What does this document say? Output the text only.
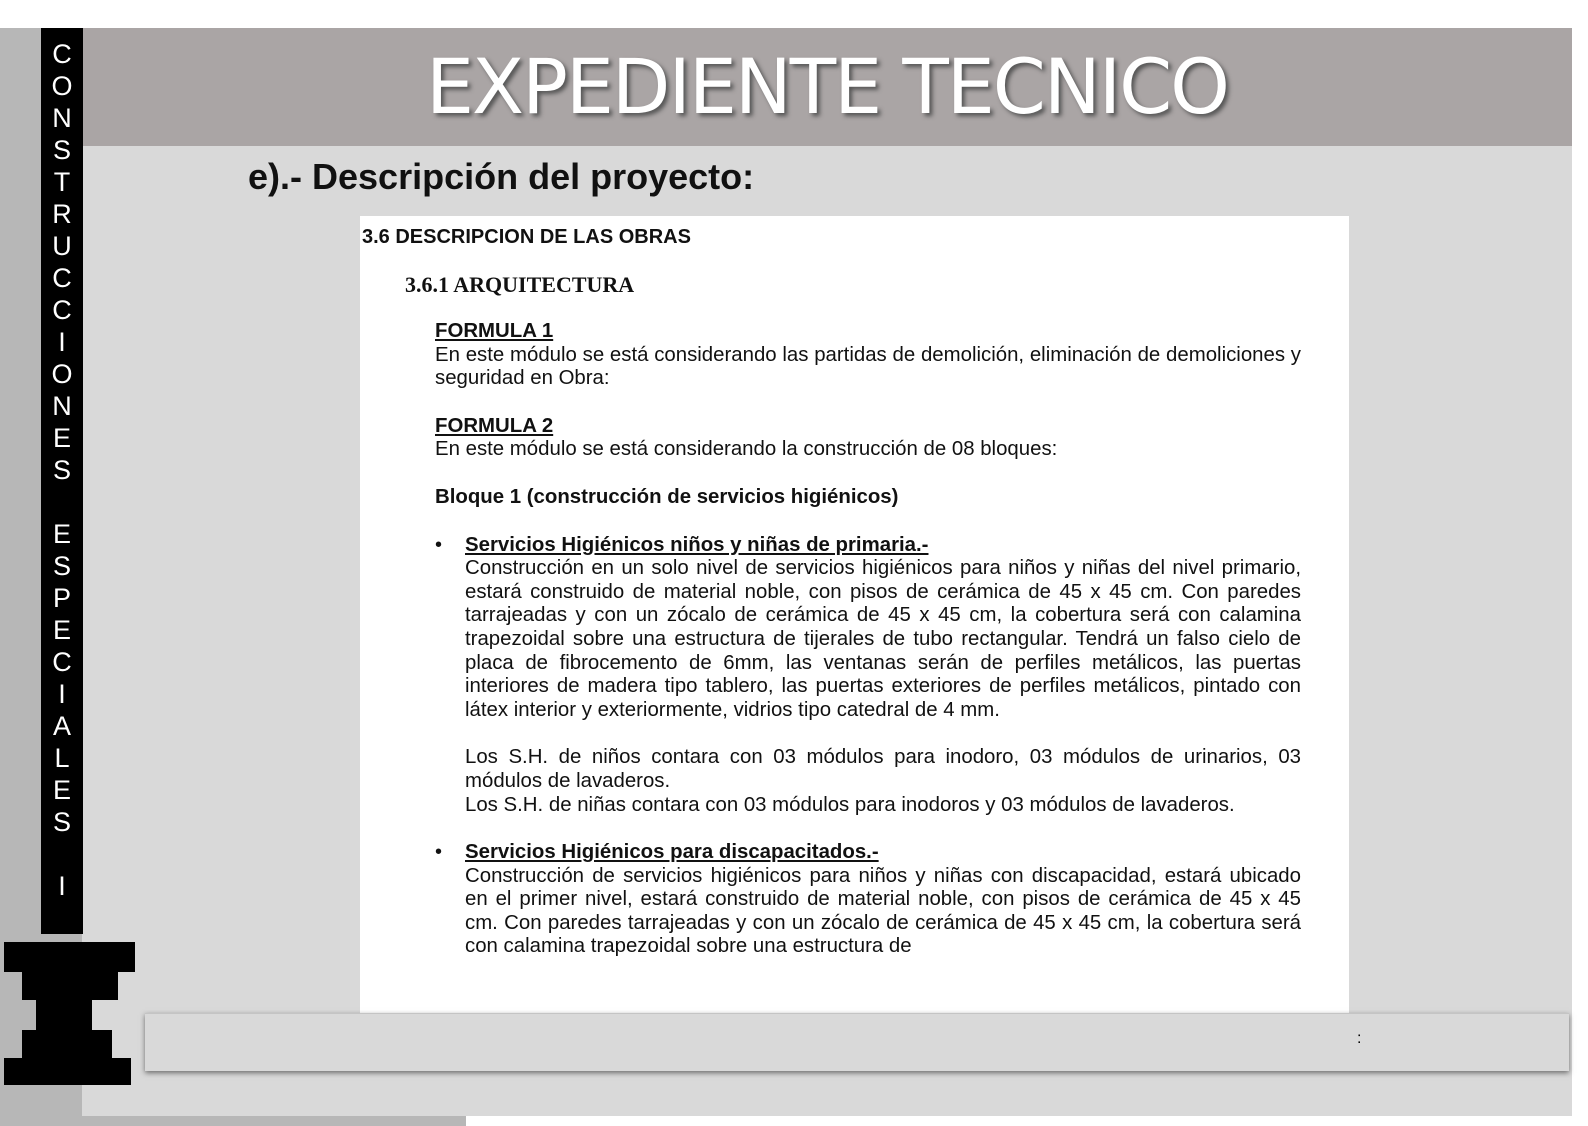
EXPEDIENTE TECNICO
C
O
N
S
T
R
U
C
C
I
O
N
E
S
E
S
P
E
C
I
A
L
E
S
I
e).- Descripción del proyecto:
3.6 DESCRIPCION DE LAS OBRAS
3.6.1 ARQUITECTURA

FORMULA 1

En este módulo se está considerando las partidas de demolición, eliminación de demoliciones y seguridad en Obra:

FORMULA 2

En este módulo se está considerando la construcción de 08 bloques:

Bloque 1 (construcción de servicios higiénicos)

• Servicios Higiénicos niños y niñas de primaria.-

Construcción en un solo nivel de servicios higiénicos para niños y niñas del nivel primario, estará construido de material noble, con pisos de cerámica de 45 x 45 cm. Con paredes tarrajeadas y con un zócalo de cerámica de 45 x 45 cm, la cobertura será con calamina trapezoidal sobre una estructura de tijerales de tubo rectangular. Tendrá un falso cielo de placa de fibrocemento de 6mm, las ventanas serán de perfiles metálicos, las puertas interiores de madera tipo tablero, las puertas exteriores de perfiles metálicos, pintado con látex interior y exteriormente, vidrios tipo catedral de 4 mm.

Los S.H. de niños contara con 03 módulos para inodoro, 03 módulos de urinarios, 03 módulos de lavaderos.

Los S.H. de niñas contara con 03 módulos para inodoros y 03 módulos de lavaderos.

• Servicios Higiénicos para discapacitados.-

Construcción de servicios higiénicos para niños y niñas con discapacidad, estará ubicado en el primer nivel, estará construido de material noble, con pisos de cerámica de 45 x 45 cm. Con paredes tarrajeadas y con un zócalo de cerámica de 45 x 45 cm, la cobertura será con calamina trapezoidal sobre una estructura de

:
